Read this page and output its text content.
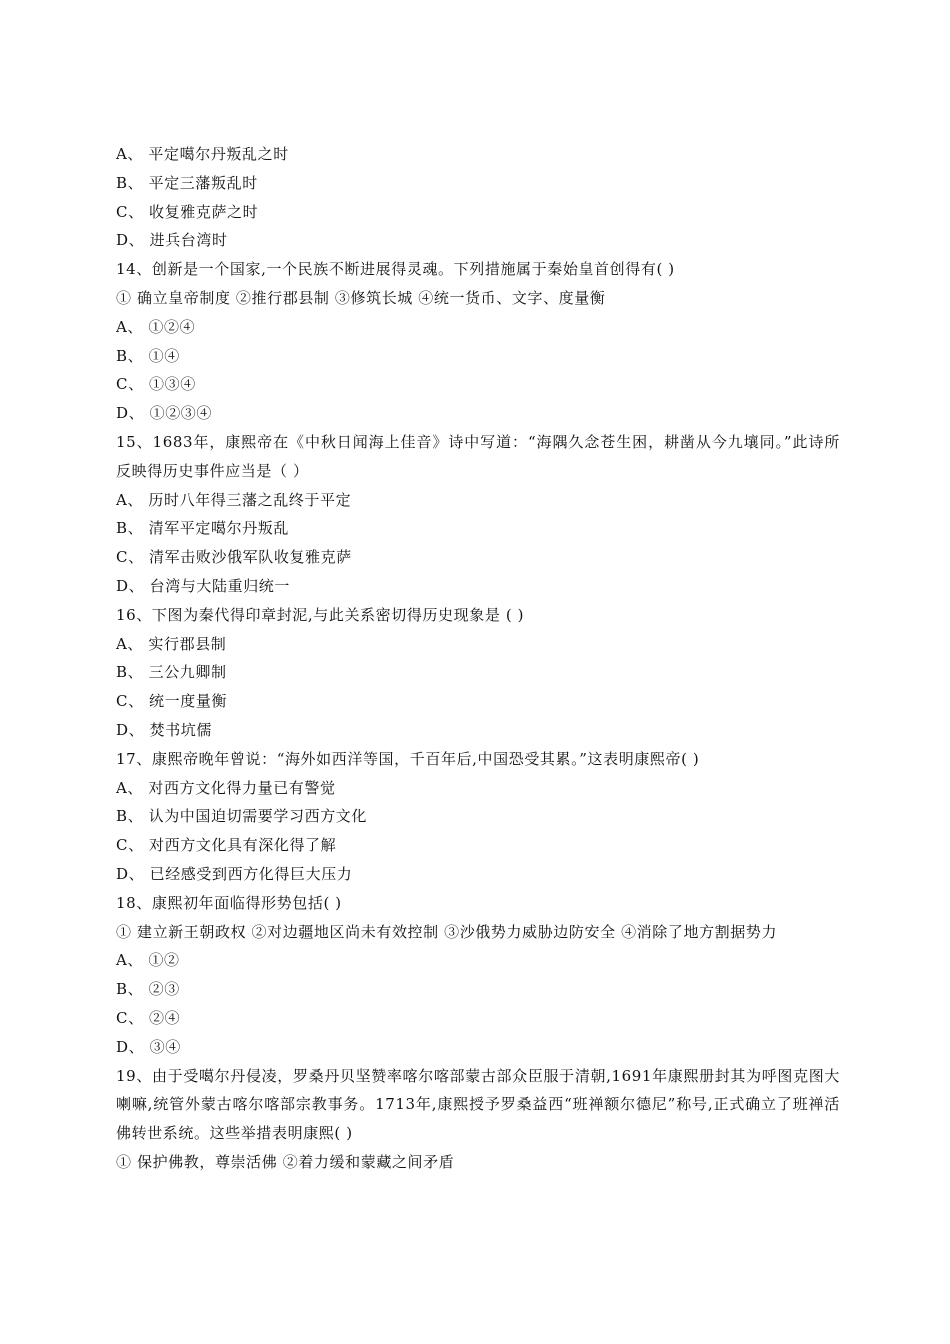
A、 平定噶尔丹叛乱之时
B、 平定三藩叛乱时
C、 收复雅克萨之时
D、 进兵台湾时
14、创新是一个国家,一个民族不断进展得灵魂。下列措施属于秦始皇首创得有( )
① 确立皇帝制度 ②推行郡县制 ③修筑长城 ④统一货币、文字、度量衡
A、 ①②④
B、 ①④
C、 ①③④
D、 ①②③④
15、1683年，康熙帝在《中秋日闻海上佳音》诗中写道：“海隅久念苍生困，耕凿从今九壤同。”此诗所反映得历史事件应当是（ ）
A、 历时八年得三藩之乱终于平定
B、 清军平定噶尔丹叛乱
C、 清军击败沙俄军队收复雅克萨
D、 台湾与大陆重归统一
16、下图为秦代得印章封泥,与此关系密切得历史现象是 ( )
A、 实行郡县制
B、 三公九卿制
C、 统一度量衡
D、 焚书坑儒
17、康熙帝晚年曾说：“海外如西洋等国，千百年后,中国恐受其累。”这表明康熙帝( )
A、 对西方文化得力量已有警觉
B、 认为中国迫切需要学习西方文化
C、 对西方文化具有深化得了解
D、 已经感受到西方化得巨大压力
18、康熙初年面临得形势包括( )
① 建立新王朝政权 ②对边疆地区尚未有效控制 ③沙俄势力威胁边防安全 ④消除了地方割据势力
A、 ①②
B、 ②③
C、 ②④
D、 ③④
19、由于受噶尔丹侵凌，罗桑丹贝坚赞率喀尔喀部蒙古部众臣服于清朝,1691年康熙册封其为呼图克图大喇嘛,统管外蒙古喀尔喀部宗教事务。1713年,康熙授予罗桑益西“班禅额尔德尼”称号,正式确立了班禅活佛转世系统。这些举措表明康熙( )
① 保护佛教，尊崇活佛 ②着力缓和蒙藏之间矛盾
